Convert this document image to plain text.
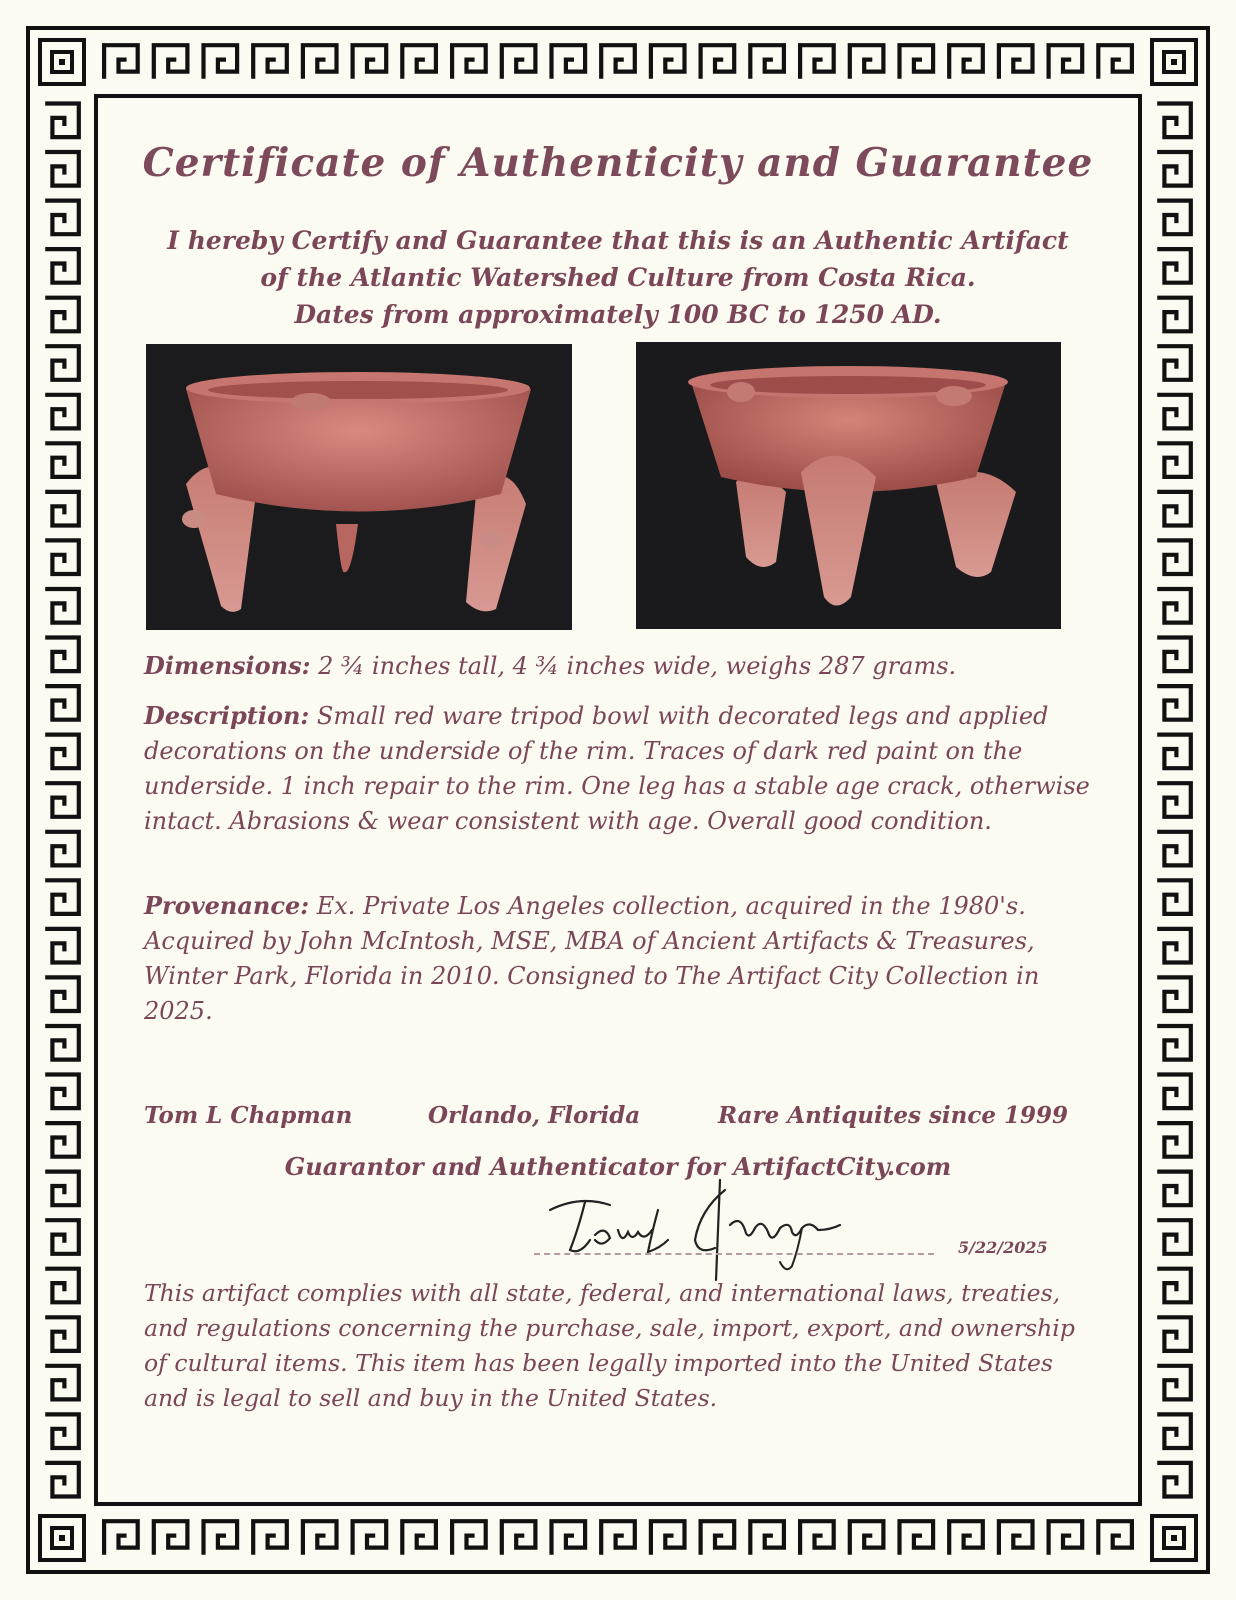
Certificate of Authenticity and Guarantee
I hereby Certify and Guarantee that this is an Authentic Artifact
of the Atlantic Watershed Culture from Costa Rica.
Dates from approximately 100 BC to 1250 AD.

Dimensions: 2 ¾ inches tall, 4 ¾ inches wide, weighs 287 grams.

Description: Small red ware tripod bowl with decorated legs and applied decorations on the underside of the rim. Traces of dark red paint on the underside. 1 inch repair to the rim. One leg has a stable age crack, otherwise intact. Abrasions & wear consistent with age. Overall good condition.

Provenance: Ex. Private Los Angeles collection, acquired in the 1980's. Acquired by John McIntosh, MSE, MBA of Ancient Artifacts & Treasures, Winter Park, Florida in 2010. Consigned to The Artifact City Collection in 2025.

Tom L Chapman	Orlando, Florida	Rare Antiquites since 1999
Guarantor and Authenticator for ArtifactCity.com
5/22/2025

This artifact complies with all state, federal, and international laws, treaties, and regulations concerning the purchase, sale, import, export, and ownership of cultural items. This item has been legally imported into the United States and is legal to sell and buy in the United States.
